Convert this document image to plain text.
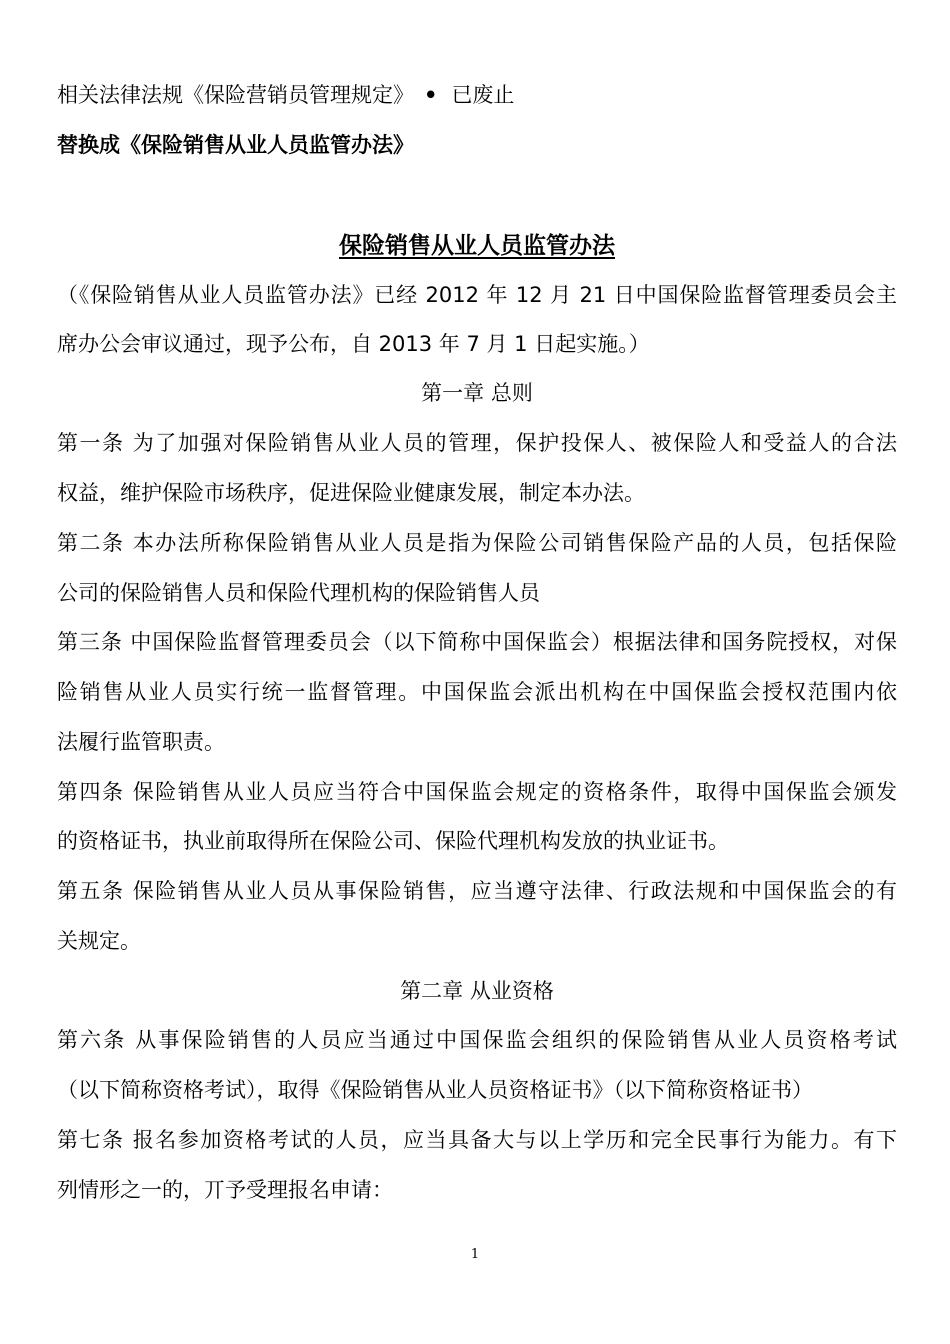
相关法律法规《保险营销员管理规定》 • 已废止
替换成《保险销售从业人员监管办法》
保险销售从业人员监管办法
（《保险销售从业人员监管办法》已经 2012 年 12 月 21 日中国保险监督管理委员会主
席办公会审议通过，现予公布，自 2013 年 7 月 1 日起实施。）
第一章 总则
第一条 为了加强对保险销售从业人员的管理，保护投保人、被保险人和受益人的合法
权益，维护保险市场秩序，促进保险业健康发展，制定本办法。
第二条 本办法所称保险销售从业人员是指为保险公司销售保险产品的人员，包括保险
公司的保险销售人员和保险代理机构的保险销售人员
第三条 中国保险监督管理委员会（以下简称中国保监会）根据法律和国务院授权，对保
险销售从业人员实行统一监督管理。中国保监会派出机构在中国保监会授权范围内依
法履行监管职责。
第四条 保险销售从业人员应当符合中国保监会规定的资格条件，取得中国保监会颁发
的资格证书，执业前取得所在保险公司、保险代理机构发放的执业证书。
第五条 保险销售从业人员从事保险销售，应当遵守法律、行政法规和中国保监会的有
关规定。
第二章 从业资格
第六条 从事保险销售的人员应当通过中国保监会组织的保险销售从业人员资格考试
（以下简称资格考试），取得《保险销售从业人员资格证书》（以下简称资格证书）
第七条 报名参加资格考试的人员，应当具备大与以上学历和完全民事行为能力。有下
列情形之一的，丌予受理报名申请：
1
